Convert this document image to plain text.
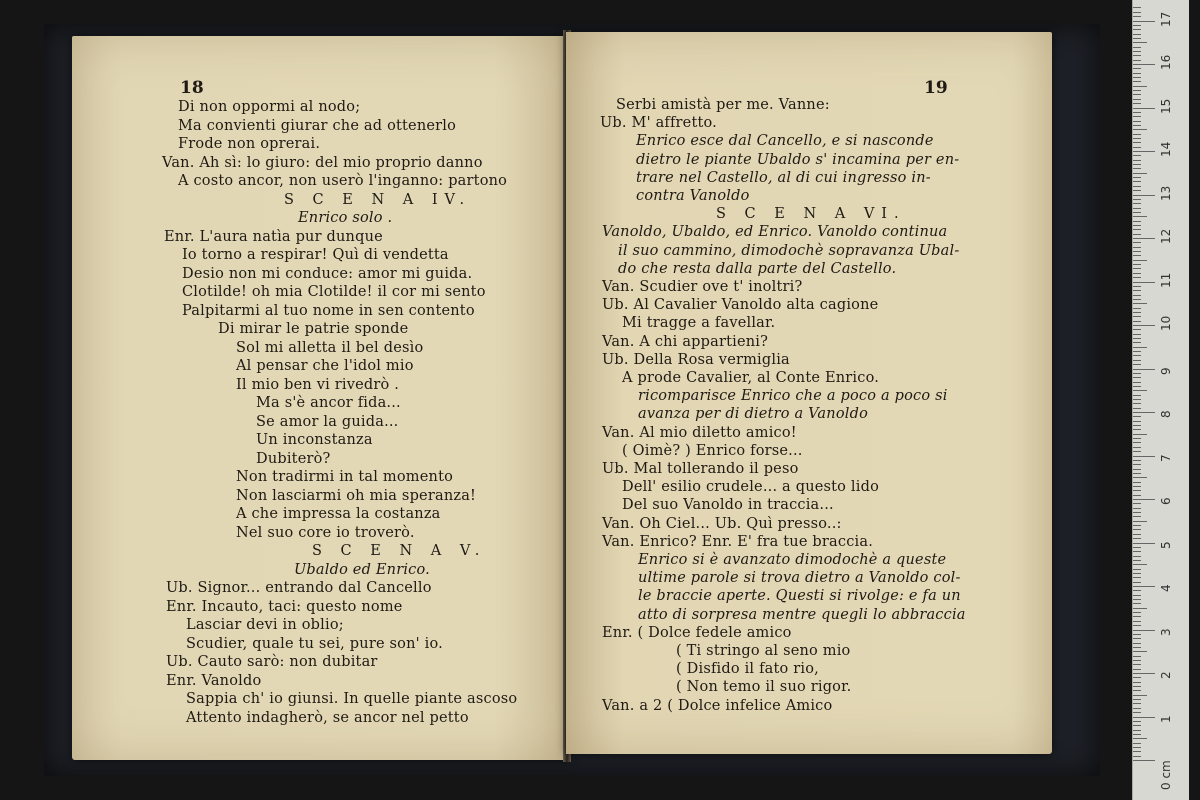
18
Di non oppormi al nodo;
Ma convienti giurar che ad ottenerlo
Frode non oprerai.
Van. Ah sì: lo giuro: del mio proprio danno
A costo ancor, non userò l'inganno: partono
S C E N A IV.
Enrico solo .
Enr. L'aura natìa pur dunque
Io torno a respirar! Quì di vendetta
Desio non mi conduce: amor mi guida.
Clotilde! oh mia Clotilde! il cor mi sento
Palpitarmi al tuo nome in sen contento
Di mirar le patrie sponde
Sol mi alletta il bel desìo
Al pensar che l'idol mio
Il mio ben vi rivedrò .
Ma s'è ancor fida...
Se amor la guida...
Un inconstanza
Dubiterò?
Non tradirmi in tal momento
Non lasciarmi oh mia speranza!
A che impressa la costanza
Nel suo core io troverò.
S C E N A V.
Ubaldo ed Enrico.
Ub. Signor... entrando dal Cancello
Enr. Incauto, taci: questo nome
Lasciar devi in oblio;
Scudier, quale tu sei, pure son' io.
Ub. Cauto sarò: non dubitar
Enr. Vanoldo
Sappia ch' io giunsi. In quelle piante ascoso
Attento indagherò, se ancor nel petto
19
Serbi amistà per me. Vanne:
Ub. M' affretto.
Enrico esce dal Cancello, e si nasconde
dietro le piante Ubaldo s' incamina per en-
trare nel Castello, al di cui ingresso in-
contra Vanoldo
S C E N A VI.
Vanoldo, Ubaldo, ed Enrico. Vanoldo continua
il suo cammino, dimodochè sopravanza Ubal-
do che resta dalla parte del Castello.
Van. Scudier ove t' inoltri?
Ub. Al Cavalier Vanoldo alta cagione
Mi tragge a favellar.
Van. A chi appartieni?
Ub. Della Rosa vermiglia
A prode Cavalier, al Conte Enrico.
ricomparisce Enrico che a poco a poco si
avanza per di dietro a Vanoldo
Van. Al mio diletto amico!
( Oimè? ) Enrico forse...
Ub. Mal tollerando il peso
Dell' esilio crudele... a questo lido
Del suo Vanoldo in traccia...
Van. Oh Ciel... Ub. Quì presso..:
Van. Enrico? Enr. E' fra tue braccia.
Enrico si è avanzato dimodochè a queste
ultime parole si trova dietro a Vanoldo col-
le braccie aperte. Questi si rivolge: e fa un
atto di sorpresa mentre quegli lo abbraccia
Enr. ( Dolce fedele amico
( Ti stringo al seno mio
( Disfido il fato rio,
( Non temo il suo rigor.
Van. a 2 ( Dolce infelice Amico
0 cm
1
2
3
4
5
6
7
8
9
10
11
12
13
14
15
16
17
